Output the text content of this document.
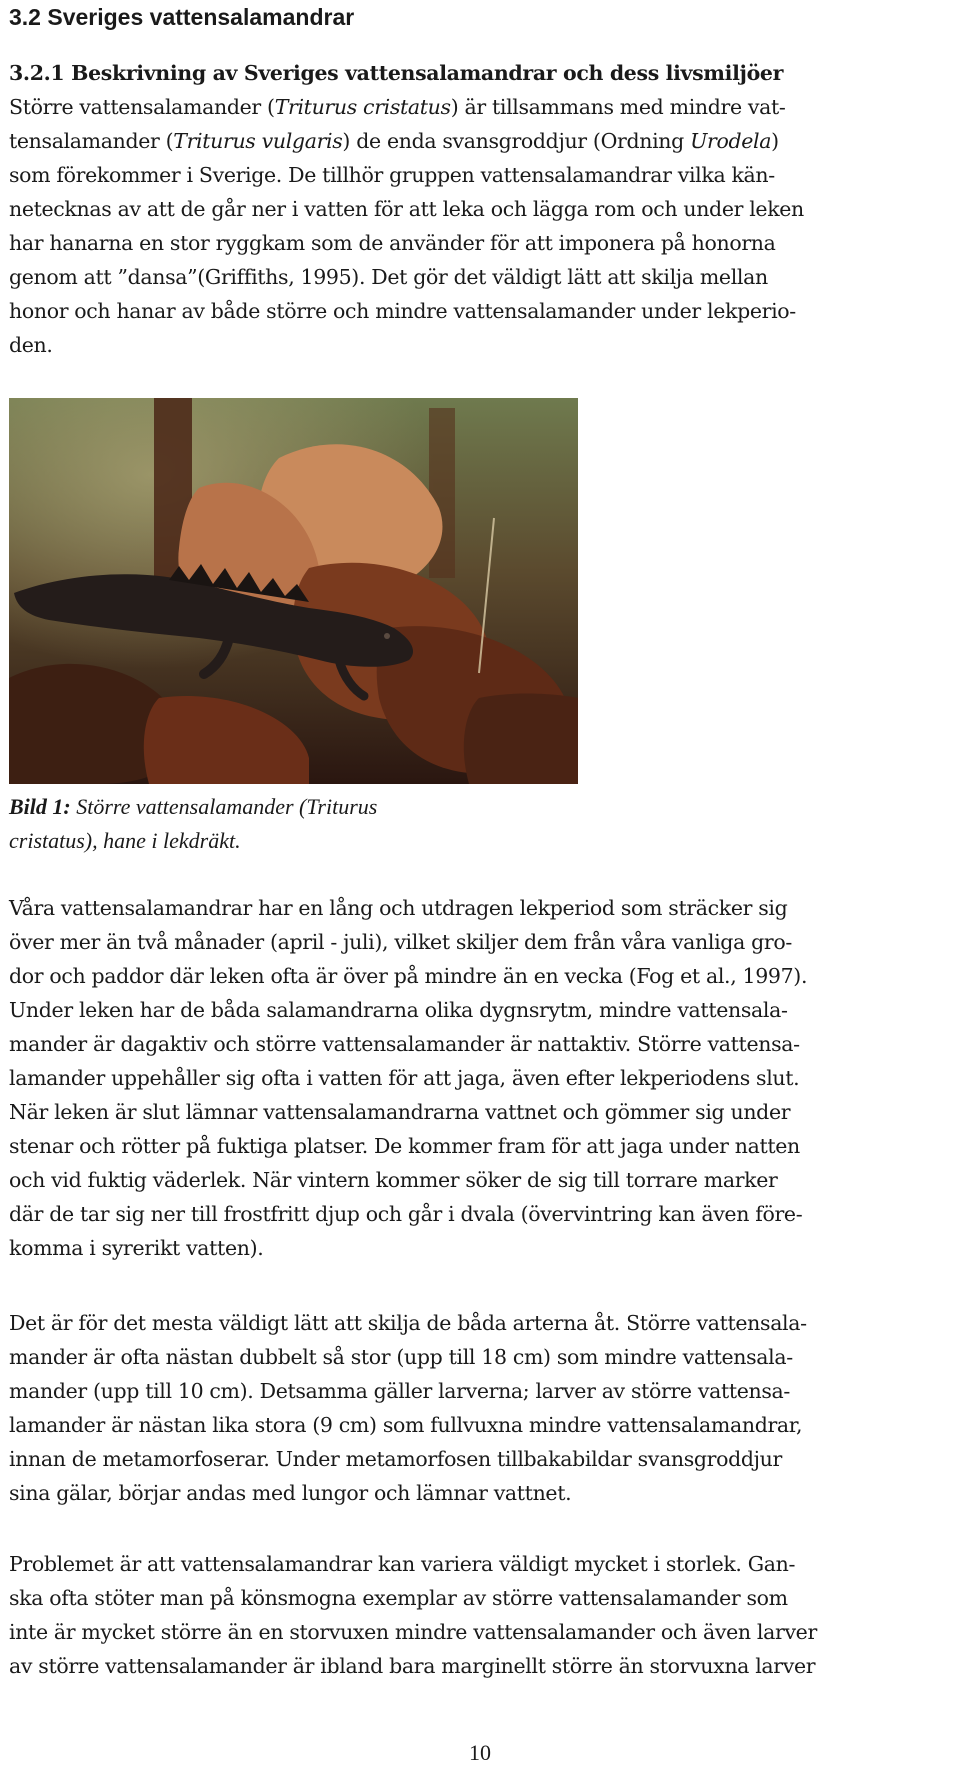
3.2 Sveriges vattensalamandrar
3.2.1 Beskrivning av Sveriges vattensalamandrar och dess livsmiljöer
Större vattensalamander (Triturus cristatus) är tillsammans med mindre vat-
tensalamander (Triturus vulgaris) de enda svansgroddjur (Ordning Urodela)
som förekommer i Sverige. De tillhör gruppen vattensalamandrar vilka kän-
netecknas av att de går ner i vatten för att leka och lägga rom och under leken
har hanarna en stor ryggkam som de använder för att imponera på honorna
genom att ”dansa”(Griffiths, 1995). Det gör det väldigt lätt att skilja mellan
honor och hanar av både större och mindre vattensalamander under lekperio-
den.

Bild 1: Större vattensalamander (Triturus
cristatus), hane i lekdräkt.

Våra vattensalamandrar har en lång och utdragen lekperiod som sträcker sig
över mer än två månader (april - juli), vilket skiljer dem från våra vanliga gro-
dor och paddor där leken ofta är över på mindre än en vecka (Fog et al., 1997).
Under leken har de båda salamandrarna olika dygnsrytm, mindre vattensala-
mander är dagaktiv och större vattensalamander är nattaktiv. Större vattensa-
lamander uppehåller sig ofta i vatten för att jaga, även efter lekperiodens slut.
När leken är slut lämnar vattensalamandrarna vattnet och gömmer sig under
stenar och rötter på fuktiga platser. De kommer fram för att jaga under natten
och vid fuktig väderlek. När vintern kommer söker de sig till torrare marker
där de tar sig ner till frostfritt djup och går i dvala (övervintring kan även före-
komma i syrerikt vatten).
Det är för det mesta väldigt lätt att skilja de båda arterna åt. Större vattensala-
mander är ofta nästan dubbelt så stor (upp till 18 cm) som mindre vattensala-
mander (upp till 10 cm). Detsamma gäller larverna; larver av större vattensa-
lamander är nästan lika stora (9 cm) som fullvuxna mindre vattensalamandrar,
innan de metamorfoserar. Under metamorfosen tillbakabildar svansgroddjur
sina gälar, börjar andas med lungor och lämnar vattnet.
Problemet är att vattensalamandrar kan variera väldigt mycket i storlek. Gan-
ska ofta stöter man på könsmogna exemplar av större vattensalamander som
inte är mycket större än en storvuxen mindre vattensalamander och även larver
av större vattensalamander är ibland bara marginellt större än storvuxna larver
10
